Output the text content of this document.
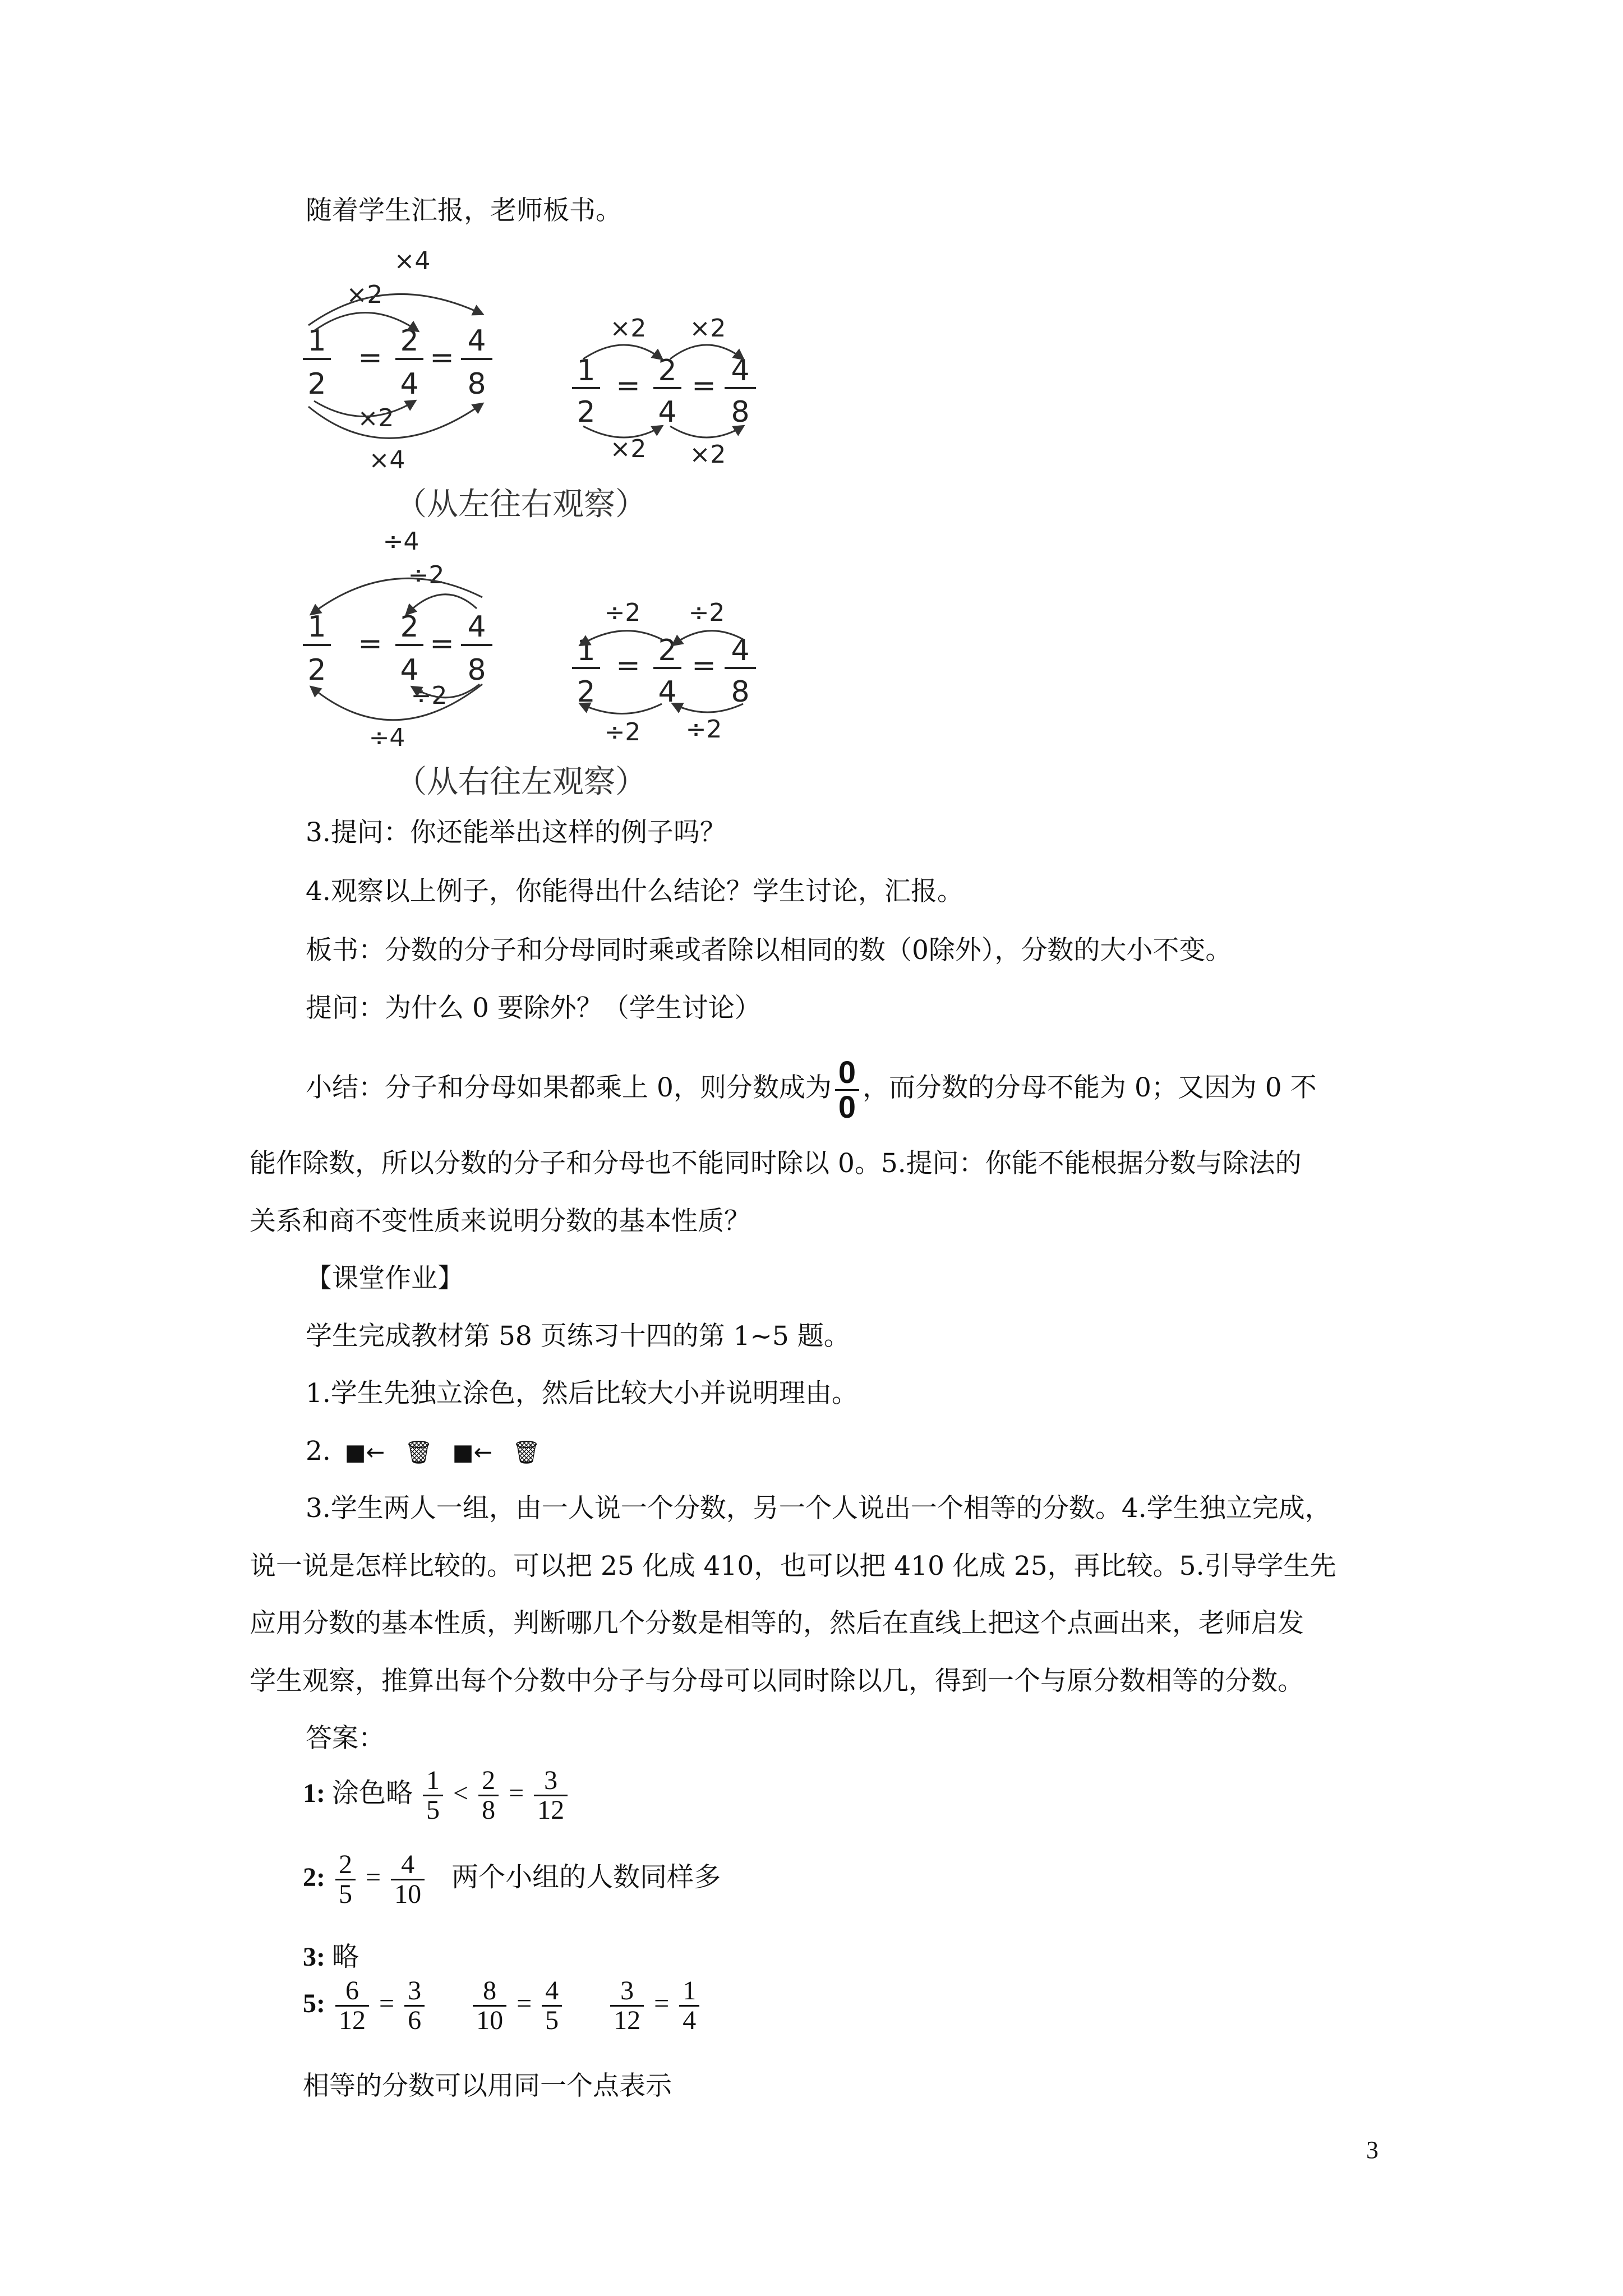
随着学生汇报，老师板书。
1
2
= 2
4
= 4
8
×4
×2
×2
×4
1
2
= 2
4
= 4
8
×2 ×2
×2 ×2
（从左往右观察）
1
2
= 2
4
= 4
8
÷4
÷2
÷2
÷4
1
2
= 2
4
= 4
8
÷2 ÷2
÷2 ÷2
（从右往左观察）
3.提问：你还能举出这样的例子吗？
4.观察以上例子，你能得出什么结论？学生讨论，汇报。
板书：分数的分子和分母同时乘或者除以相同的数（0除外），分数的大小不变。
提问：为什么 0 要除外？（学生讨论）
小结：分子和分母如果都乘上 0，则分数成为 $\frac{0}{0}$ ，而分数的分母不能为 0；又因为 0 不
能作除数，所以分数的分子和分母也不能同时除以 0。5.提问：你能不能根据分数与除法的
关系和商不变性质来说明分数的基本性质？
【课堂作业】
学生完成教材第 58 页练习十四的第 1~5 题。
1.学生先独立涂色，然后比较大小并说明理由。
2. ■← 🗑 ■← 🗑
3.学生两人一组，由一人说一个分数，另一个人说出一个相等的分数。4.学生独立完成，
说一说是怎样比较的。可以把 25 化成 410，也可以把 410 化成 25，再比较。5.引导学生先
应用分数的基本性质，判断哪几个分数是相等的，然后在直线上把这个点画出来，老师启发
学生观察，推算出每个分数中分子与分母可以同时除以几，得到一个与原分数相等的分数。
答案：
1: 涂色略 $\frac{1}{5} < \frac{2}{8} = \frac{3}{12}$
2: $\frac{2}{5} = \frac{4}{10}$ 两个小组的人数同样多
3: 略
5: $\frac{6}{12} = \frac{3}{6}$
$\frac{8}{10} = \frac{4}{5}$
$\frac{3}{12} = \frac{1}{4}$
相等的分数可以用同一个点表示
3
